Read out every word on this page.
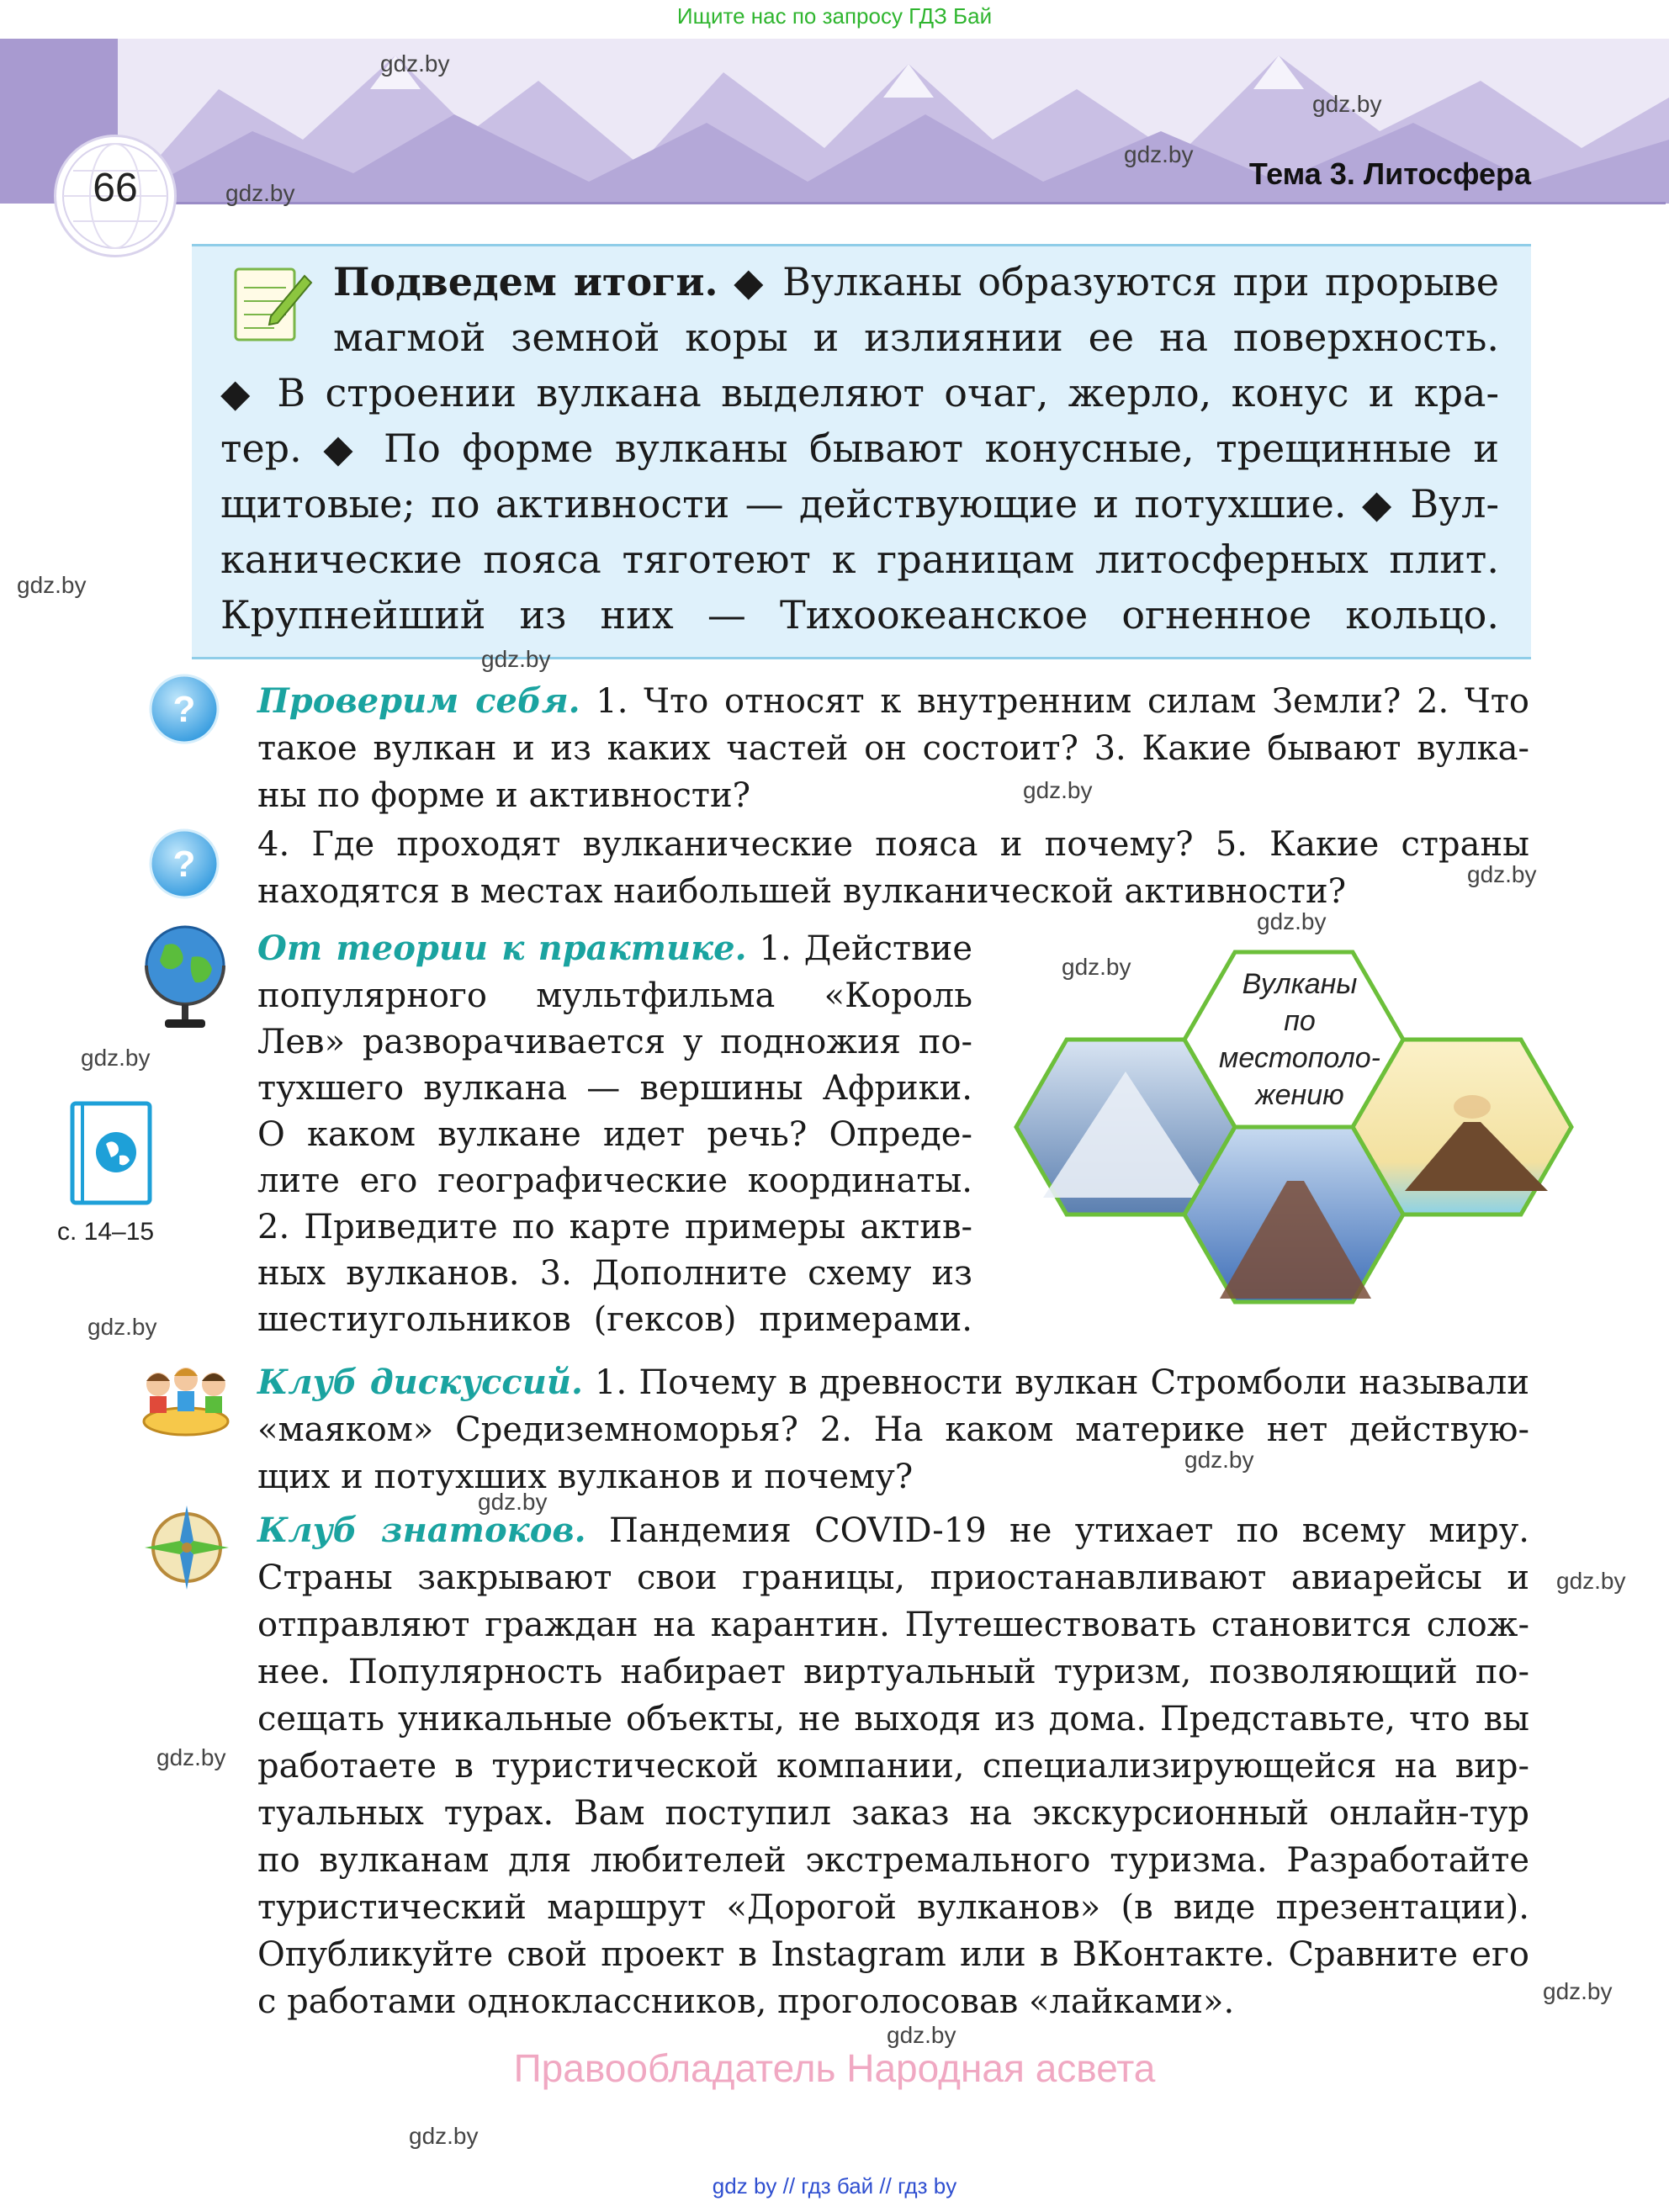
Ищите нас по запросу ГДЗ Бай
66	Тема 3. Литосфера
Подведем итоги. ◆ Вулканы образуются при прорыве
магмой земной коры и излиянии ее на поверхность.
◆ В строении вулкана выделяют очаг, жерло, конус и кра-
тер. ◆ По форме вулканы бывают конусные, трещинные и
щитовые; по активности — действующие и потухшие. ◆ Вул-
канические пояса тяготеют к границам литосферных плит.
Крупнейший из них — Тихоокеанское огненное кольцо.
? Проверим себя. 1. Что относят к внутренним силам Земли? 2. Что
такое вулкан и из каких частей он состоит? 3. Какие бывают вулка-
ны по форме и активности?
? 4. Где проходят вулканические пояса и почему? 5. Какие страны
находятся в местах наибольшей вулканической активности?
От теории к практике. 1. Действие
популярного мультфильма «Король
Лев» разворачивается у подножия по-
тухшего вулкана — вершины Африки.
О каком вулкане идет речь? Опреде-
лите его географические координаты.
2. Приведите по карте примеры актив-
ных вулканов. 3. Дополните схему из
шестиугольников (гексов) примерами.
с. 14–15
Вулканы
по
местополо-
жению
Клуб дискуссий. 1. Почему в древности вулкан Стромболи называли
«маяком» Средиземноморья? 2. На каком материке нет действую-
щих и потухших вулканов и почему?
Клуб знатоков. Пандемия COVID-19 не утихает по всему миру.
Страны закрывают свои границы, приостанавливают авиарейсы и
отправляют граждан на карантин. Путешествовать становится слож-
нее. Популярность набирает виртуальный туризм, позволяющий по-
сещать уникальные объекты, не выходя из дома. Представьте, что вы
работаете в туристической компании, специализирующейся на вир-
туальных турах. Вам поступил заказ на экскурсионный онлайн-тур
по вулканам для любителей экстремального туризма. Разработайте
туристический маршрут «Дорогой вулканов» (в виде презентации).
Опубликуйте свой проект в Instagram или в ВКонтакте. Сравните его
с работами одноклассников, проголосовав «лайками».
gdz.by
gdz.by
gdz.by
gdz.by
gdz.by
gdz.by
gdz.by
gdz.by
gdz.by
gdz.by
gdz.by
gdz.by
gdz.by
gdz.by
gdz.by
gdz.by
gdz.by
gdz.by
gdz.by
Правообладатель Народная асвета
gdz by // гдз бай // гдз by
